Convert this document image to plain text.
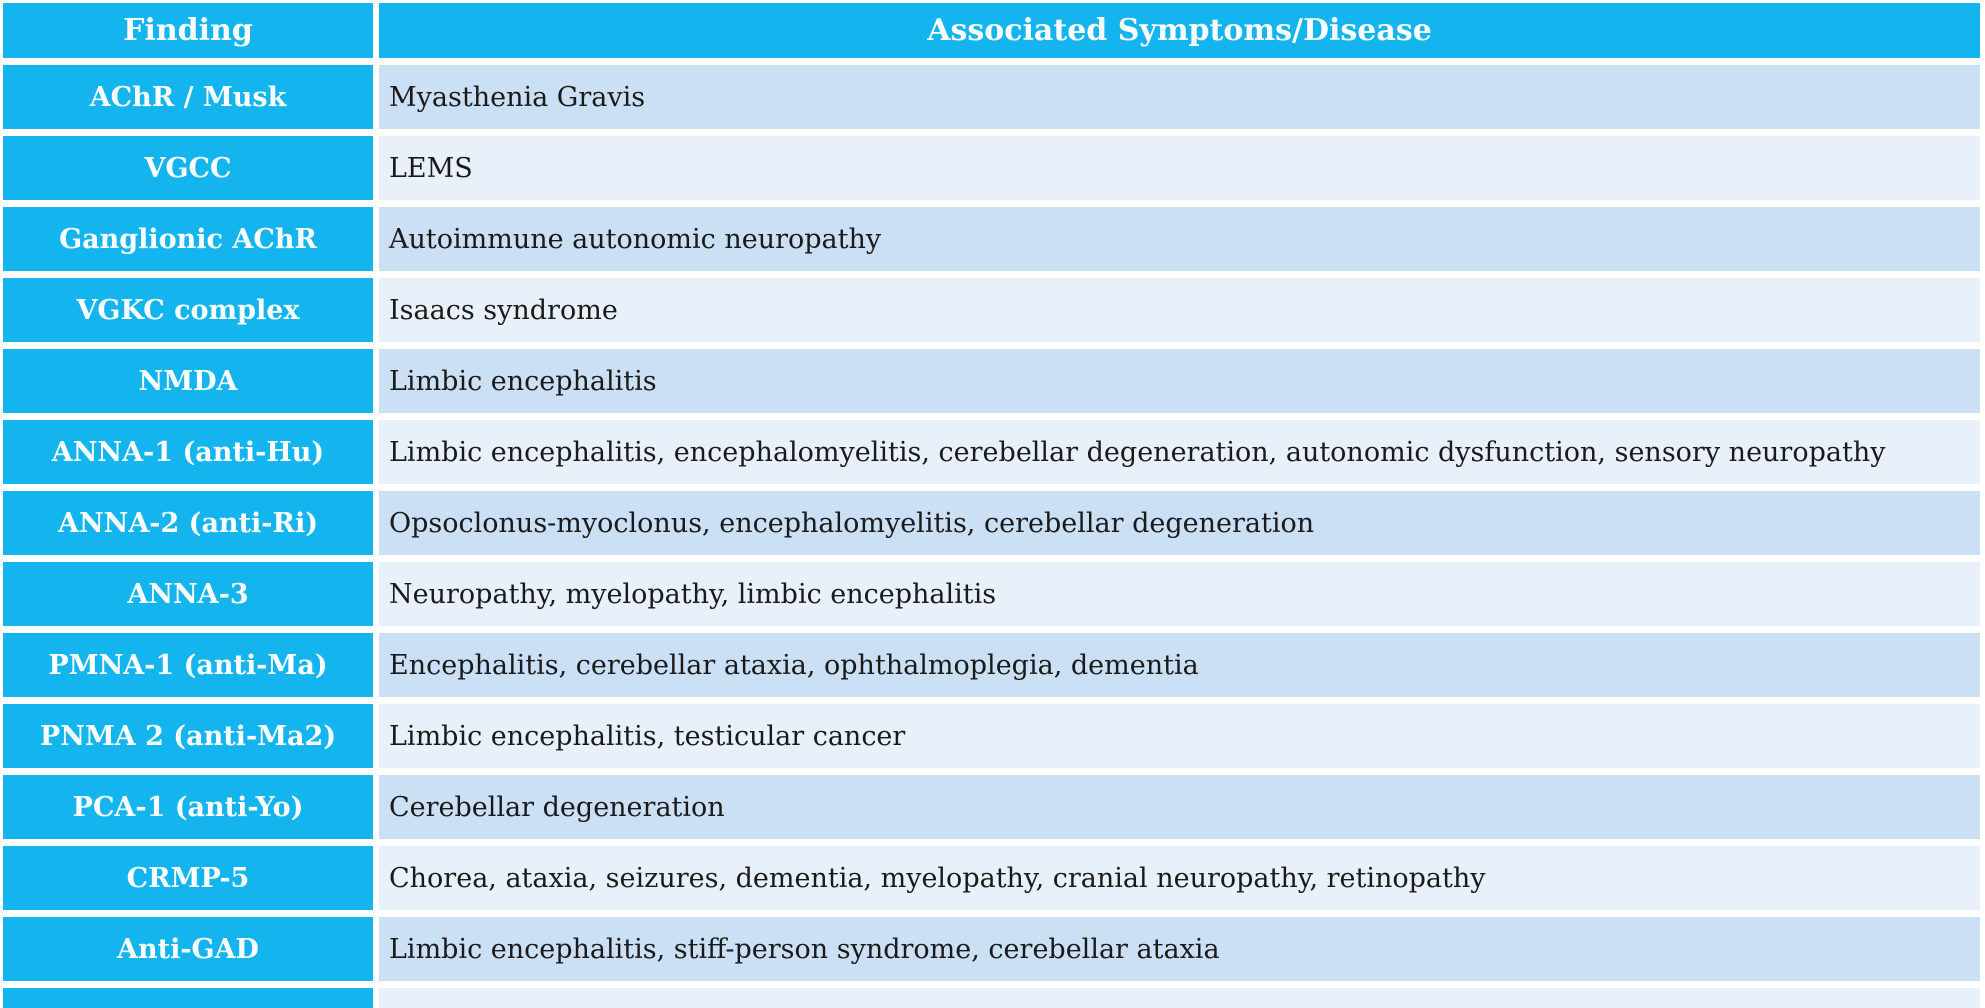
Finding	Associated Symptoms/Disease
AChR / Musk	Myasthenia Gravis
VGCC	LEMS
Ganglionic AChR	Autoimmune autonomic neuropathy
VGKC complex	Isaacs syndrome
NMDA	Limbic encephalitis
ANNA-1 (anti-Hu)	Limbic encephalitis, encephalomyelitis, cerebellar degeneration, autonomic dysfunction, sensory neuropathy
ANNA-2 (anti-Ri)	Opsoclonus-myoclonus, encephalomyelitis, cerebellar degeneration
ANNA-3	Neuropathy, myelopathy, limbic encephalitis
PMNA-1 (anti-Ma)	Encephalitis, cerebellar ataxia, ophthalmoplegia, dementia
PNMA 2 (anti-Ma2)	Limbic encephalitis, testicular cancer
PCA-1 (anti-Yo)	Cerebellar degeneration
CRMP-5	Chorea, ataxia, seizures, dementia, myelopathy, cranial neuropathy, retinopathy
Anti-GAD	Limbic encephalitis, stiff-person syndrome, cerebellar ataxia
